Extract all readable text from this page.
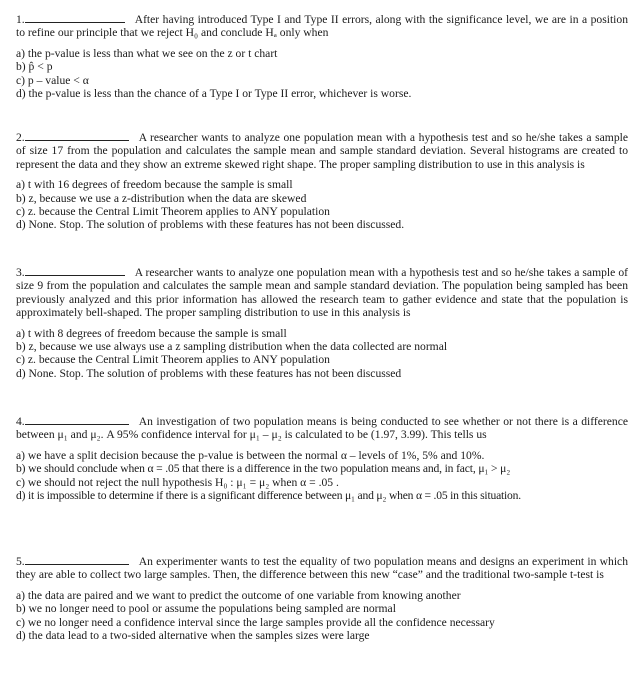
1.	After having introduced Type I and Type II errors, along with the significance level, we are in a position to refine our principle that we reject H₀ and conclude Hₐ only when
a) the p-value is less than what we see on the z or t chart
b) p̂ < p
c) p – value < α
d) the p-value is less than the chance of a Type I or Type II error, whichever is worse.
2.	A researcher wants to analyze one population mean with a hypothesis test and so he/she takes a sample of size 17 from the population and calculates the sample mean and sample standard deviation. Several histograms are created to represent the data and they show an extreme skewed right shape. The proper sampling distribution to use in this analysis is
a) t with 16 degrees of freedom because the sample is small
b) z, because we use a z-distribution when the data are skewed
c) z. because the Central Limit Theorem applies to ANY population
d) None. Stop. The solution of problems with these features has not been discussed.
3.	A researcher wants to analyze one population mean with a hypothesis test and so he/she takes a sample of size 9 from the population and calculates the sample mean and sample standard deviation. The population being sampled has been previously analyzed and this prior information has allowed the research team to gather evidence and state that the population is approximately bell-shaped. The proper sampling distribution to use in this analysis is
a) t with 8 degrees of freedom because the sample is small
b) z, because we use always use a z sampling distribution when the data collected are normal
c) z. because the Central Limit Theorem applies to ANY population
d) None. Stop. The solution of problems with these features has not been discussed
4.	An investigation of two population means is being conducted to see whether or not there is a difference between μ₁ and μ₂. A 95% confidence interval for μ₁ – μ₂ is calculated to be (1.97, 3.99). This tells us
a) we have a split decision because the p-value is between the normal α – levels of 1%, 5% and 10%.
b) we should conclude when α = .05 that there is a difference in the two population means and, in fact, μ₁ > μ₂
c) we should not reject the null hypothesis H₀ : μ₁ = μ₂ when α = .05 .
d) it is impossible to determine if there is a significant difference between μ₁ and μ₂ when α = .05 in this situation.
5.	An experimenter wants to test the equality of two population means and designs an experiment in which they are able to collect two large samples. Then, the difference between this new “case” and the traditional two-sample t-test is
a) the data are paired and we want to predict the outcome of one variable from knowing another
b) we no longer need to pool or assume the populations being sampled are normal
c) we no longer need a confidence interval since the large samples provide all the confidence necessary
d) the data lead to a two-sided alternative when the samples sizes were large
